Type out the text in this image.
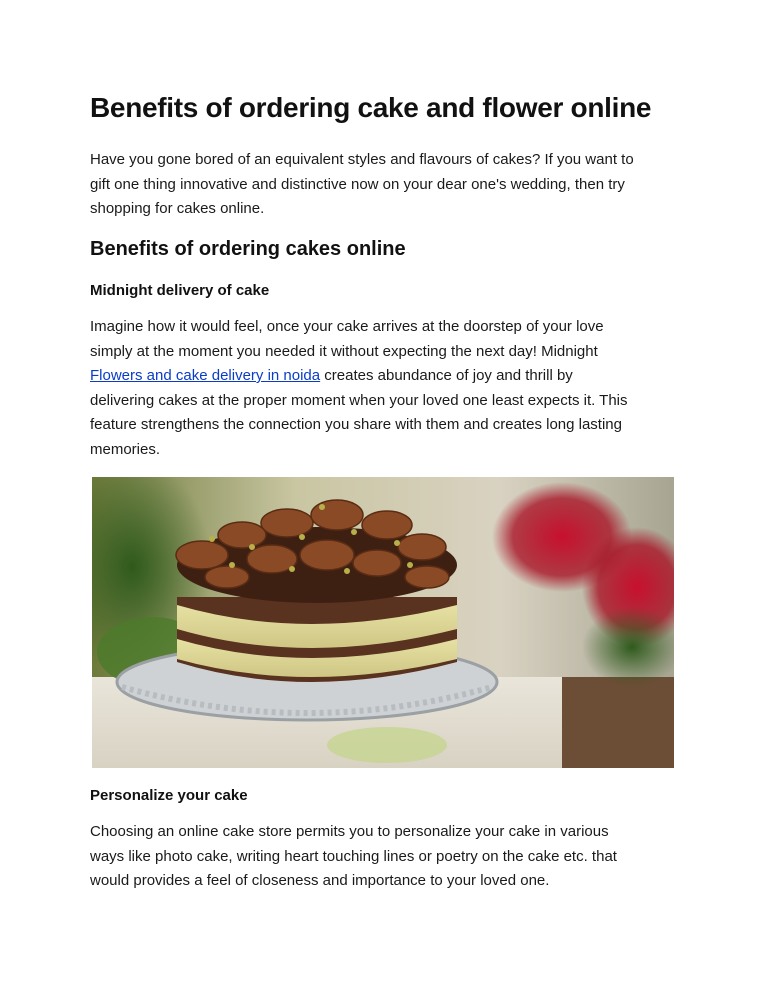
Benefits of ordering cake and flower online

Have you gone bored of an equivalent styles and flavours of cakes? If you want to
gift one thing innovative and distinctive now on your dear one's wedding, then try
shopping for cakes online.

Benefits of ordering cakes online
Midnight delivery of cake

Imagine how it would feel, once your cake arrives at the doorstep of your love
simply at the moment you needed it without expecting the next day! Midnight
Flowers and cake delivery in noida creates abundance of joy and thrill by
delivering cakes at the proper moment when your loved one least expects it. This
feature strengthens the connection you share with them and creates long lasting
memories.

Personalize your cake

Choosing an online cake store permits you to personalize your cake in various
ways like photo cake, writing heart touching lines or poetry on the cake etc. that
would provides a feel of closeness and importance to your loved one.
